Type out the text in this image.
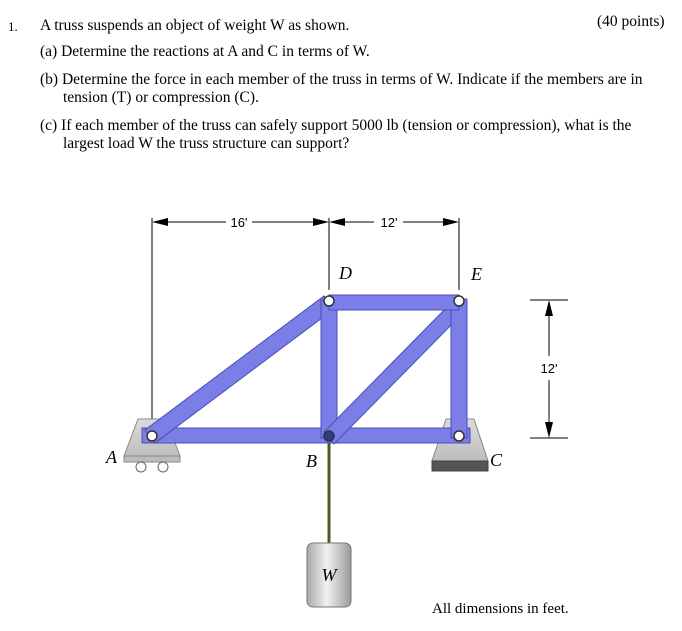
1. A truss suspends an object of weight W as shown.	(40 points)
(a) Determine the reactions at A and C in terms of W.
(b) Determine the force in each member of the truss in terms of W. Indicate if the members are in
tension (T) or compression (C).
(c) If each member of the truss can safely support 5000 lb (tension or compression), what is the
largest load W the truss structure can support?
16'	12'
12'
W
A	B	C
D	E
All dimensions in feet.
